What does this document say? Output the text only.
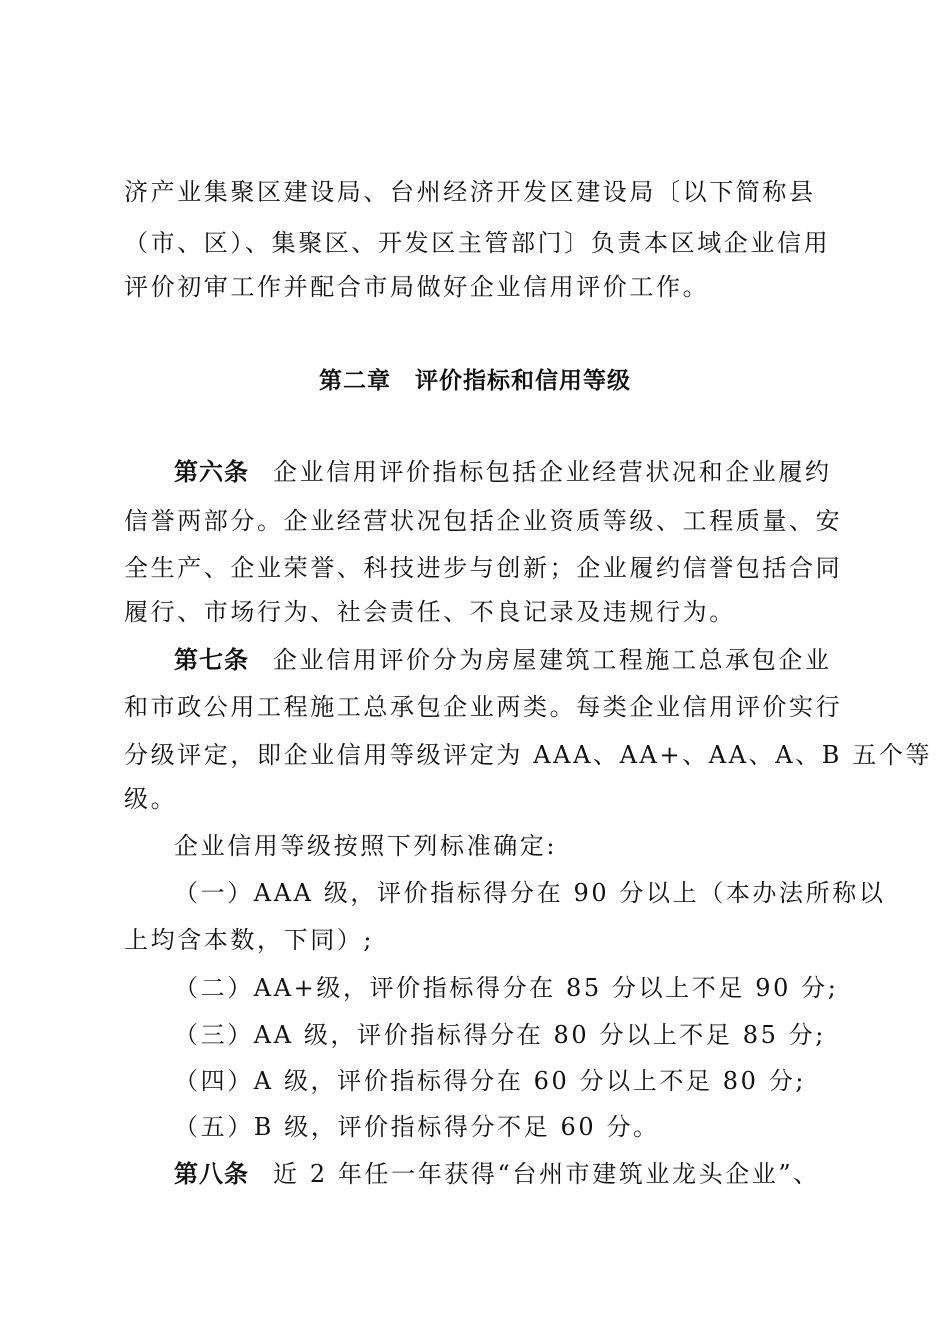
济产业集聚区建设局、台州经济开发区建设局〔以下简称县
（市、区）、集聚区、开发区主管部门〕负责本区域企业信用
评价初审工作并配合市局做好企业信用评价工作。
第二章　评价指标和信用等级
第六条 企业信用评价指标包括企业经营状况和企业履约
信誉两部分。企业经营状况包括企业资质等级、工程质量、安
全生产、企业荣誉、科技进步与创新；企业履约信誉包括合同
履行、市场行为、社会责任、不良记录及违规行为。
第七条 企业信用评价分为房屋建筑工程施工总承包企业
和市政公用工程施工总承包企业两类。每类企业信用评价实行
分级评定，即企业信用等级评定为 AAA、AA+、AA、A、B 五个等
级。
企业信用等级按照下列标准确定:
（一）AAA 级，评价指标得分在 90 分以上（本办法所称以
上均含本数，下同）;
（二）AA+级，评价指标得分在 85 分以上不足 90 分;
（三）AA 级，评价指标得分在 80 分以上不足 85 分;
（四）A 级，评价指标得分在 60 分以上不足 80 分;
（五）B 级，评价指标得分不足 60 分。
第八条 近 2 年任一年获得“台州市建筑业龙头企业”、
